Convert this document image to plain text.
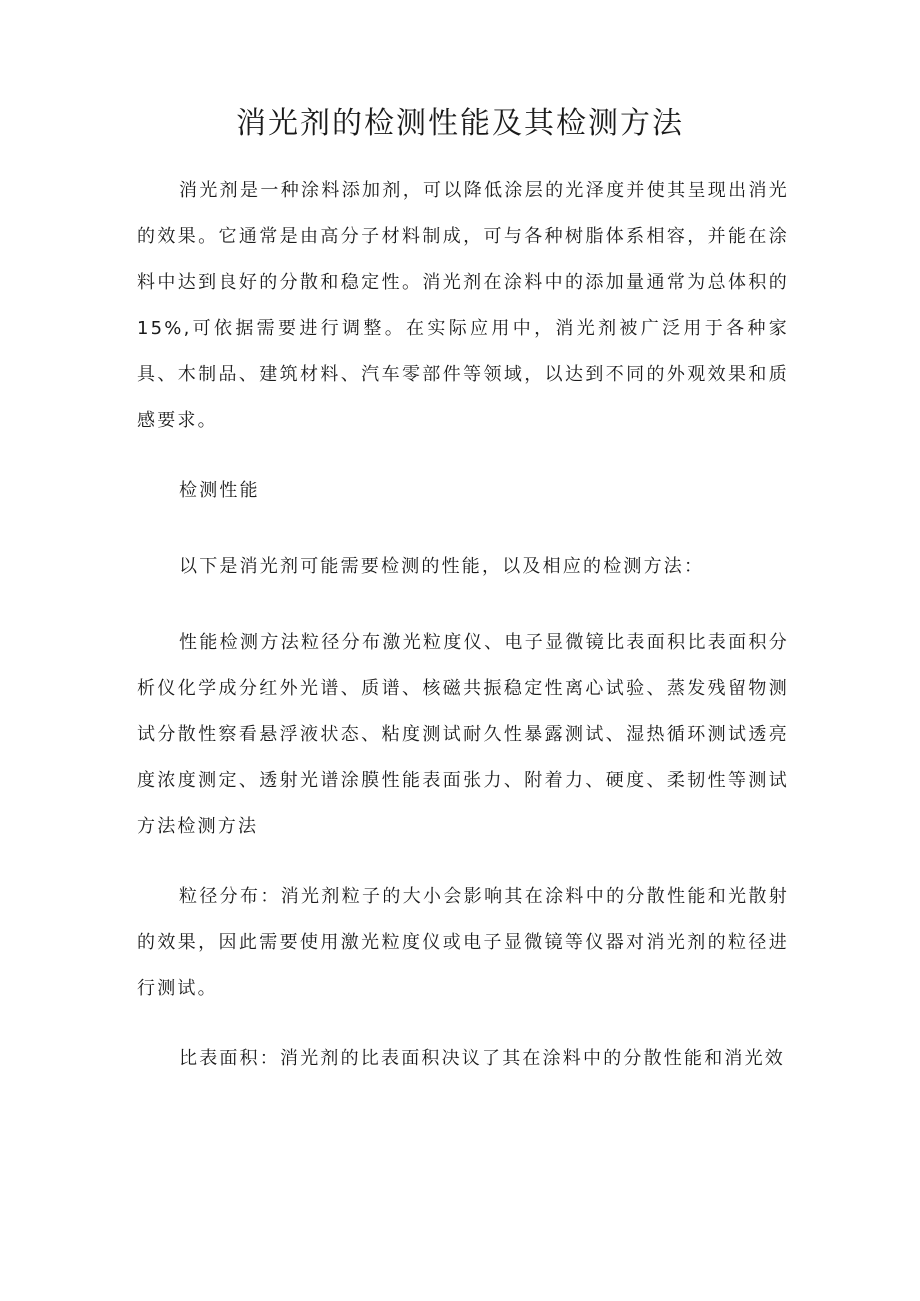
消光剂的检测性能及其检测方法

消光剂是一种涂料添加剂，可以降低涂层的光泽度并使其呈现出消光的效果。它通常是由高分子材料制成，可与各种树脂体系相容，并能在涂料中达到良好的分散和稳定性。消光剂在涂料中的添加量通常为总体积的15%,可依据需要进行调整。在实际应用中，消光剂被广泛用于各种家具、木制品、建筑材料、汽车零部件等领域，以达到不同的外观效果和质感要求。

检测性能

以下是消光剂可能需要检测的性能，以及相应的检测方法：

性能检测方法粒径分布激光粒度仪、电子显微镜比表面积比表面积分析仪化学成分红外光谱、质谱、核磁共振稳定性离心试验、蒸发残留物测试分散性察看悬浮液状态、粘度测试耐久性暴露测试、湿热循环测试透亮度浓度测定、透射光谱涂膜性能表面张力、附着力、硬度、柔韧性等测试方法检测方法

粒径分布：消光剂粒子的大小会影响其在涂料中的分散性能和光散射的效果，因此需要使用激光粒度仪或电子显微镜等仪器对消光剂的粒径进行测试。

比表面积：消光剂的比表面积决议了其在涂料中的分散性能和消光效
